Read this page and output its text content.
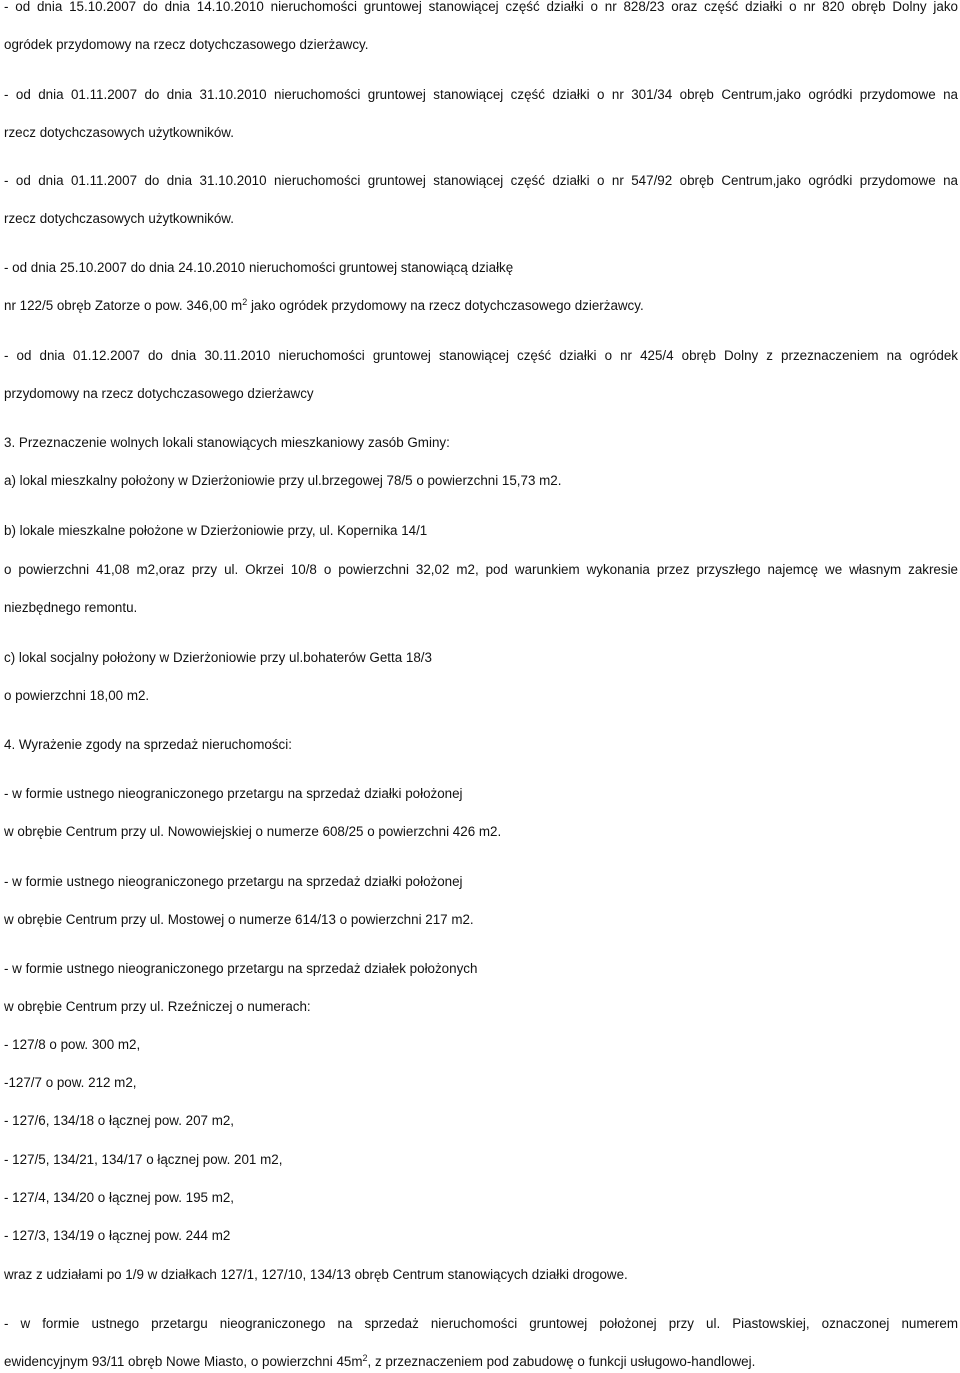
- od dnia 15.10.2007 do dnia 14.10.2010 nieruchomości gruntowej stanowiącej część działki o nr 828/23 oraz część działki o nr 820 obręb Dolny jako
ogródek przydomowy na rzecz dotychczasowego dzierżawcy.
- od dnia 01.11.2007 do dnia 31.10.2010 nieruchomości gruntowej stanowiącej część działki o nr 301/34 obręb Centrum,jako ogródki przydomowe na
rzecz dotychczasowych użytkowników.
- od dnia 01.11.2007 do dnia 31.10.2010 nieruchomości gruntowej stanowiącej część działki o nr 547/92 obręb Centrum,jako ogródki przydomowe na
rzecz dotychczasowych użytkowników.
- od dnia 25.10.2007 do dnia 24.10.2010 nieruchomości gruntowej stanowiącą działkę
nr 122/5 obręb Zatorze o pow. 346,00 $m^2$ jako ogródek przydomowy na rzecz dotychczasowego dzierżawcy.
- od dnia 01.12.2007 do dnia 30.11.2010 nieruchomości gruntowej stanowiącej część działki o nr 425/4 obręb Dolny z przeznaczeniem na ogródek
przydomowy na rzecz dotychczasowego dzierżawcy
3. Przeznaczenie wolnych lokali stanowiących mieszkaniowy zasób Gminy:
a) lokal mieszkalny położony w Dzierżoniowie przy ul.brzegowej 78/5 o powierzchni 15,73 m2.
b) lokale mieszkalne położone w Dzierżoniowie przy, ul. Kopernika 14/1
o powierzchni 41,08 m2,oraz przy ul. Okrzei 10/8 o powierzchni 32,02 m2, pod warunkiem wykonania przez przyszłego najemcę we własnym zakresie
niezbędnego remontu.
c) lokal socjalny położony w Dzierżoniowie przy ul.bohaterów Getta 18/3
o powierzchni 18,00 m2.
4. Wyrażenie zgody na sprzedaż nieruchomości:
- w formie ustnego nieograniczonego przetargu na sprzedaż działki położonej
w obrębie Centrum przy ul. Nowowiejskiej o numerze 608/25 o powierzchni 426 m2.
- w formie ustnego nieograniczonego przetargu na sprzedaż działki położonej
w obrębie Centrum przy ul. Mostowej o numerze 614/13 o powierzchni 217 m2.
- w formie ustnego nieograniczonego przetargu na sprzedaż działek położonych
w obrębie Centrum przy ul. Rzeźniczej o numerach:
- 127/8 o pow. 300 m2,
-127/7 o pow. 212 m2,
- 127/6, 134/18 o łącznej pow. 207 m2,
- 127/5, 134/21, 134/17 o łącznej pow. 201 m2,
- 127/4, 134/20 o łącznej pow. 195 m2,
- 127/3, 134/19 o łącznej pow. 244 m2
wraz z udziałami po 1/9 w działkach 127/1, 127/10, 134/13 obręb Centrum stanowiących działki drogowe.
- w formie ustnego przetargu nieograniczonego na sprzedaż nieruchomości gruntowej położonej przy ul. Piastowskiej, oznaczonej numerem
ewidencyjnym 93/11 obręb Nowe Miasto, o powierzchni $45m^2$, z przeznaczeniem pod zabudowę o funkcji usługowo-handlowej.
